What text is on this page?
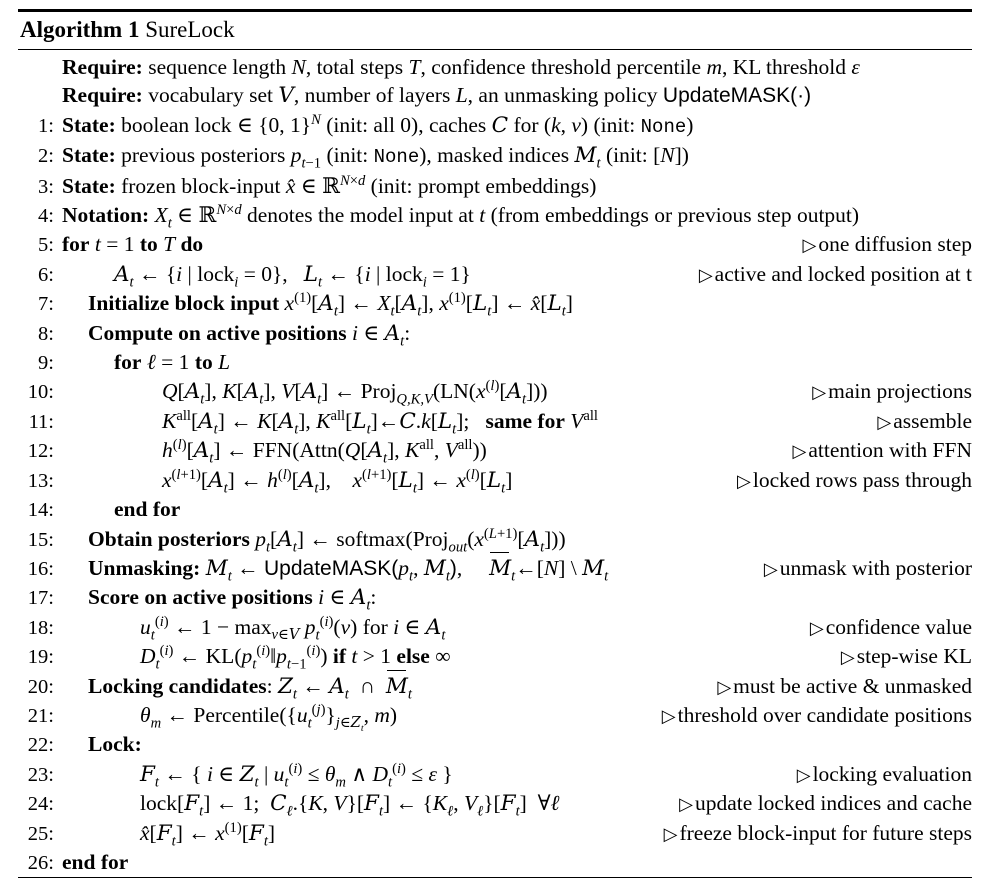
Algorithm 1 SureLock
Require: sequence length N, total steps T, confidence threshold percentile m, KL threshold ε
Require: vocabulary set V, number of layers L, an unmasking policy UpdateMASK(·)
1: State: boolean lock ∈ {0, 1}$^N$ (init: all 0), caches C for (k, v) (init: None)
2: State: previous posteriors $p_{t-1}$ (init: None), masked indices $M_t$ (init: [N])
3: State: frozen block-input x̂ ∈ ℝ$^{N\times d}$ (init: prompt embeddings)
4: Notation: $X_t$ ∈ ℝ$^{N\times d}$ denotes the model input at t (from embeddings or previous step output)
5: for t = 1 to T do	▷one diffusion step
6:	$A_t$ ← {i | lock$_i$ = 0},   $L_t$ ← {i | lock$_i$ = 1}	▷active and locked position at t
7:	Initialize block input $x^{(1)}[A_t]$ ← $X_t[A_t]$, $x^{(1)}[L_t]$ ← $x̂[L_t]$
8:	Compute on active positions i ∈ $A_t$:
9:	for ℓ = 1 to L
10:	$Q[A_t]$, $K[A_t]$, $V[A_t]$ ← $Proj_{Q,K,V}(LN(x^{(l)}[A_t]))$	▷main projections
11:	$K^{all}[A_t]$ ← $K[A_t]$, $K^{all}[L_t]\leftarrow C.k[L_t]$;   same for $V^{all}$	▷assemble
12:	$h^{(l)}[A_t]$ ← $FFN(Attn(Q[A_t]$, $K^{all}$, $V^{all}$))	▷attention with FFN
13:	$x^{(l+1)}[A_t]$ ← $h^{(l)}[A_t]$,    $x^{(l+1)}[L_t]$ ← $x^{(l)}[L_t]$	▷locked rows pass through
14:	end for
15:	Obtain posteriors $p_t[A_t]$ ← $softmax(Proj_{out}(x^{(L+1)}[A_t]))$
16:	Unmasking: $M_t$ ← $UpdateMASK(p_t$, $M_t$),     $M_t\leftarrow[N]$ \ $M_t$	▷unmask with posterior
17:	Score on active positions i ∈ $A_t$:
18:	$u_t^{(i)}$ ← $1 - \max_{v\in V} p_t^{(i)}(v)$ for i ∈ $A_t$	▷confidence value
19:	$D_t^{(i)}$ ← $KL(p_t^{(i)}‖p_{t-1}^{(i)})$ if t > 1 else ∞	▷step-wise KL
20:	Locking candidates: $Z_t$ ← $A_t$  ∩  $M_t$	▷must be active & unmasked
21:	$\theta_m$ ← $Percentile(\{u_t^{(j)}\}_{j\in Z_t}$, m)	▷threshold over candidate positions
22:	Lock:
23:	$F_t$ ← { i ∈ $Z_t$ | $u_t^{(i)} \le \theta_m$ ∧ $D_t^{(i)} \le \varepsilon$ }	▷locking evaluation
24:	$lock[F_t]$ ← 1;  $C_\ell.\{K$, $V\}[F_t]$ ← {$K_\ell$, $V_\ell\}[F_t]$  ∀ℓ	▷update locked indices and cache
25:	$x̂[F_t]$ ← $x^{(1)}[F_t]$	▷freeze block-input for future steps
26: end for
